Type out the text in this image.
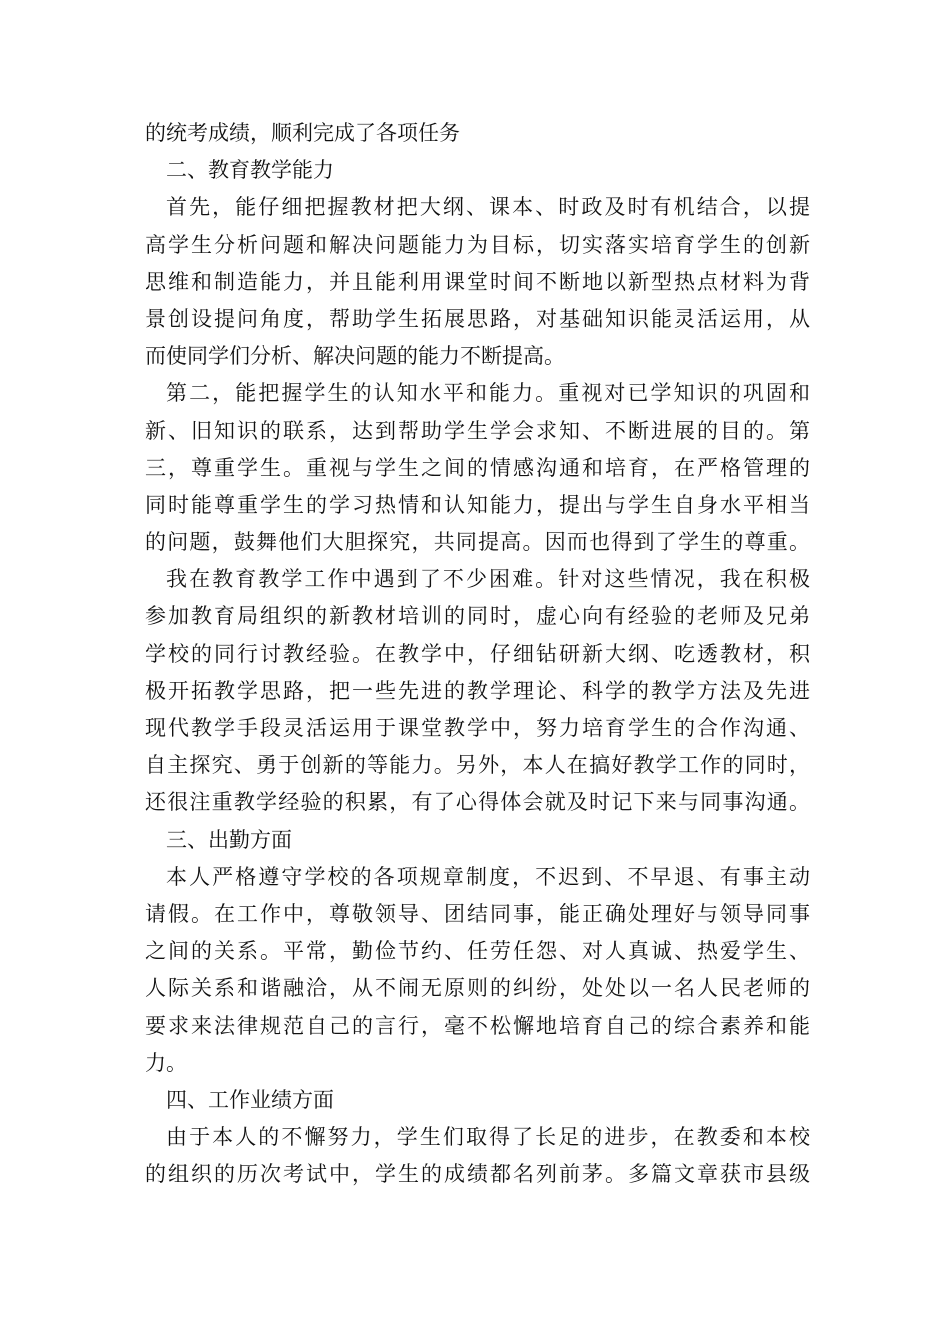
的统考成绩，顺利完成了各项任务
二、教育教学能力
首先，能仔细把握教材把大纲、课本、时政及时有机结合，以提
高学生分析问题和解决问题能力为目标，切实落实培育学生的创新
思维和制造能力，并且能利用课堂时间不断地以新型热点材料为背
景创设提问角度，帮助学生拓展思路，对基础知识能灵活运用，从
而使同学们分析、解决问题的能力不断提高。
第二，能把握学生的认知水平和能力。重视对已学知识的巩固和
新、旧知识的联系，达到帮助学生学会求知、不断进展的目的。第
三，尊重学生。重视与学生之间的情感沟通和培育，在严格管理的
同时能尊重学生的学习热情和认知能力，提出与学生自身水平相当
的问题，鼓舞他们大胆探究，共同提高。因而也得到了学生的尊重。
我在教育教学工作中遇到了不少困难。针对这些情况，我在积极
参加教育局组织的新教材培训的同时，虚心向有经验的老师及兄弟
学校的同行讨教经验。在教学中，仔细钻研新大纲、吃透教材，积
极开拓教学思路，把一些先进的教学理论、科学的教学方法及先进
现代教学手段灵活运用于课堂教学中，努力培育学生的合作沟通、
自主探究、勇于创新的等能力。另外，本人在搞好教学工作的同时，
还很注重教学经验的积累，有了心得体会就及时记下来与同事沟通。
三、出勤方面
本人严格遵守学校的各项规章制度，不迟到、不早退、有事主动
请假。在工作中，尊敬领导、团结同事，能正确处理好与领导同事
之间的关系。平常，勤俭节约、任劳任怨、对人真诚、热爱学生、
人际关系和谐融洽，从不闹无原则的纠纷，处处以一名人民老师的
要求来法律规范自己的言行，毫不松懈地培育自己的综合素养和能
力。
四、工作业绩方面
由于本人的不懈努力，学生们取得了长足的进步，在教委和本校
的组织的历次考试中，学生的成绩都名列前茅。多篇文章获市县级
